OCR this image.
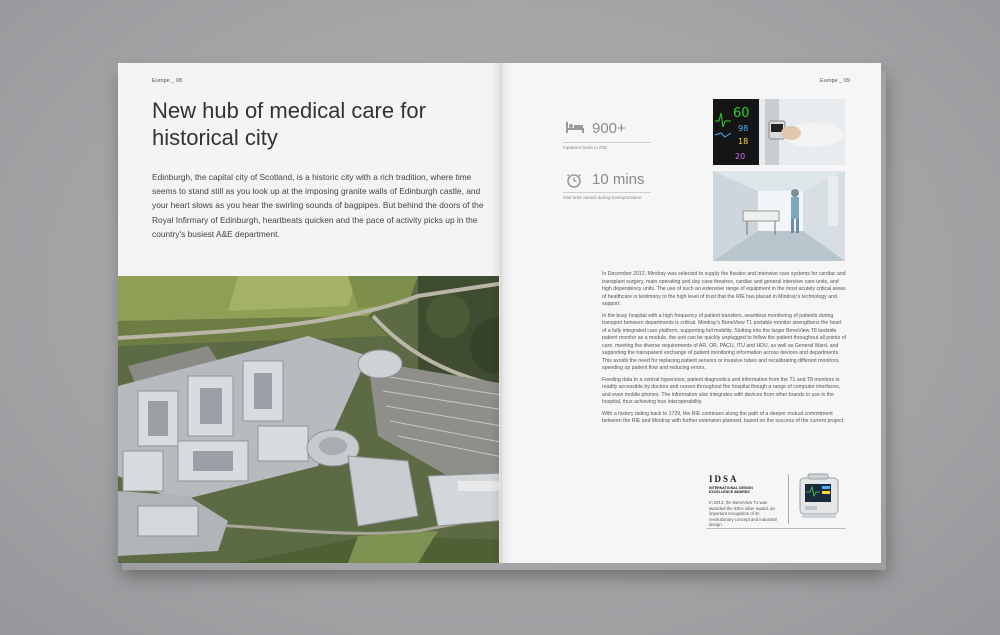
Europe _ 08
New hub of medical care for historical city

Edinburgh, the capital city of Scotland, is a historic city with a rich tradition, where time seems to stand still as you look up at the imposing granite walls of Edinburgh castle, and your heart slows as you hear the swirling sounds of bagpipes. But behind the doors of the Royal Infirmary of Edinburgh, heartbeats quicken and the pace of activity picks up in the country's busiest A&E department.

Europe _ 09
900+
inpatient beds in RIE
10 mins
vital time saved during transportation
60
98
18
20

In December 2012, Mindray was selected to supply the theatre and intensive care systems for cardiac and transplant surgery, main operating and day case theatres, cardiac and general intensive care units, and high dependency units. The use of such an extensive range of equipment in the most acutely critical areas of healthcare is testimony to the high level of trust that the RIE has placed in Mindray's technology and support.

In the busy hospital with a high frequency of patient transfers, seamless monitoring of patients during transport between departments is critical. Mindray's BeneView T1 portable monitor strengthens the heart of a fully integrated care platform, supporting full mobility. Slotting into the larger BeneView T8 bedside patient monitor as a module, the unit can be quickly unplugged to follow the patient throughout all points of care, meeting the diverse requirements of AR, OR, PACU, ITU and HDU, as well as General Ward, and supporting the transparent exchange of patient monitoring information across devices and departments. This avoids the need for replacing patient sensors or invasive tubes and recalibrating different monitors, speeding up patient flow and reducing errors.

Feeding data to a central hypervisor, patient diagnostics and information from the T1 and T8 monitors is readily accessible by doctors and nurses throughout the hospital though a range of computer interfaces, and even mobile phones. The information also integrates with devices from other brands in use in the hospital, thus achieving true interoperability.

With a history dating back to 1729, the RIE continues along the path of a deeper mutual commitment between the RIE and Mindray with further extension planned, based on the success of the current project.

IDSA
INTERNATIONAL DESIGN EXCELLENCE AWARDS
In 2013, the BeneView T1 was awarded the IDEA silver award, an important recognition of its revolutionary concept and industrial design.
